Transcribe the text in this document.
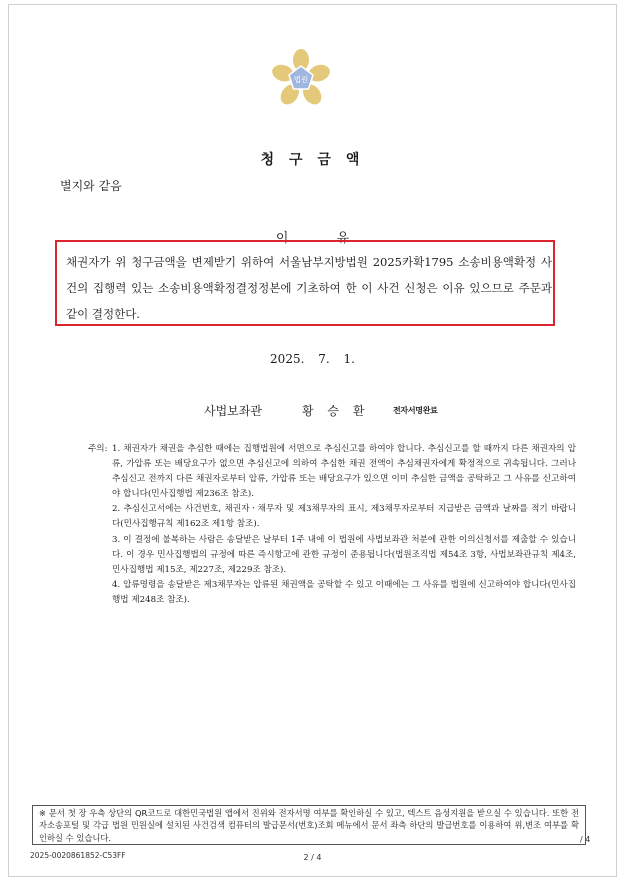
법원
청 구 금 액
별지와 같음
이 유

채권자가 위 청구금액을 변제받기 위하여 서울남부지방법원 2025카확1795 소송비용액확정 사건의 집행력 있는 소송비용액확정결정정본에 기초하여 한 이 사건 신청은 이유 있으므로 주문과 같이 결정한다.

2025. 7. 1.
사법보좌관	황 승 환	전자서명완료
주의: 1. 채권자가 채권을 추심한 때에는 집행법원에 서면으로 추심신고를 하여야 합니다. 추심신고를 할 때까지 다른 채권자의 압류, 가압류 또는 배당요구가 없으면 추심신고에 의하여 추심한 채권 전액이 추심채권자에게 확정적으로 귀속됩니다. 그러나 추심신고 전까지 다른 채권자로부터 압류, 가압류 또는 배당요구가 있으면 이미 추심한 금액을 공탁하고 그 사유를 신고하여야 합니다(민사집행법 제236조 참조).

2. 추심신고서에는 사건번호, 채권자ㆍ채무자 및 제3채무자의 표시, 제3채무자로부터 지급받은 금액과 날짜를 적기 바랍니다(민사집행규칙 제162조 제1항 참조).

3. 이 결정에 불복하는 사람은 송달받은 날부터 1주 내에 이 법원에 사법보좌관 처분에 관한 이의신청서를 제출할 수 있습니다. 이 경우 민사집행법의 규정에 따른 즉시항고에 관한 규정이 준용됩니다(법원조직법 제54조 3항, 사법보좌관규칙 제4조, 민사집행법 제15조, 제227조, 제229조 참조).

4. 압류명령을 송달받은 제3채무자는 압류된 채권액을 공탁할 수 있고 이때에는 그 사유를 법원에 신고하여야 합니다(민사집행법 제248조 참조).

※ 문서 첫 장 우측 상단의 QR코드로 대한민국법원 앱에서 진위와 전자서명 여부를 확인하실 수 있고, 텍스트 음성지원을 받으실 수 있습니다. 또한 전자소송포털 및 각급 법원 민원실에 설치된 사건검색 컴퓨터의 발급문서(번호)조회 메뉴에서 문서 좌측 하단의 발급번호를 이용하여 위,변조 여부를 확인하실 수 있습니다.	/ 4
2025-0020861852-C53FF	2 / 4
